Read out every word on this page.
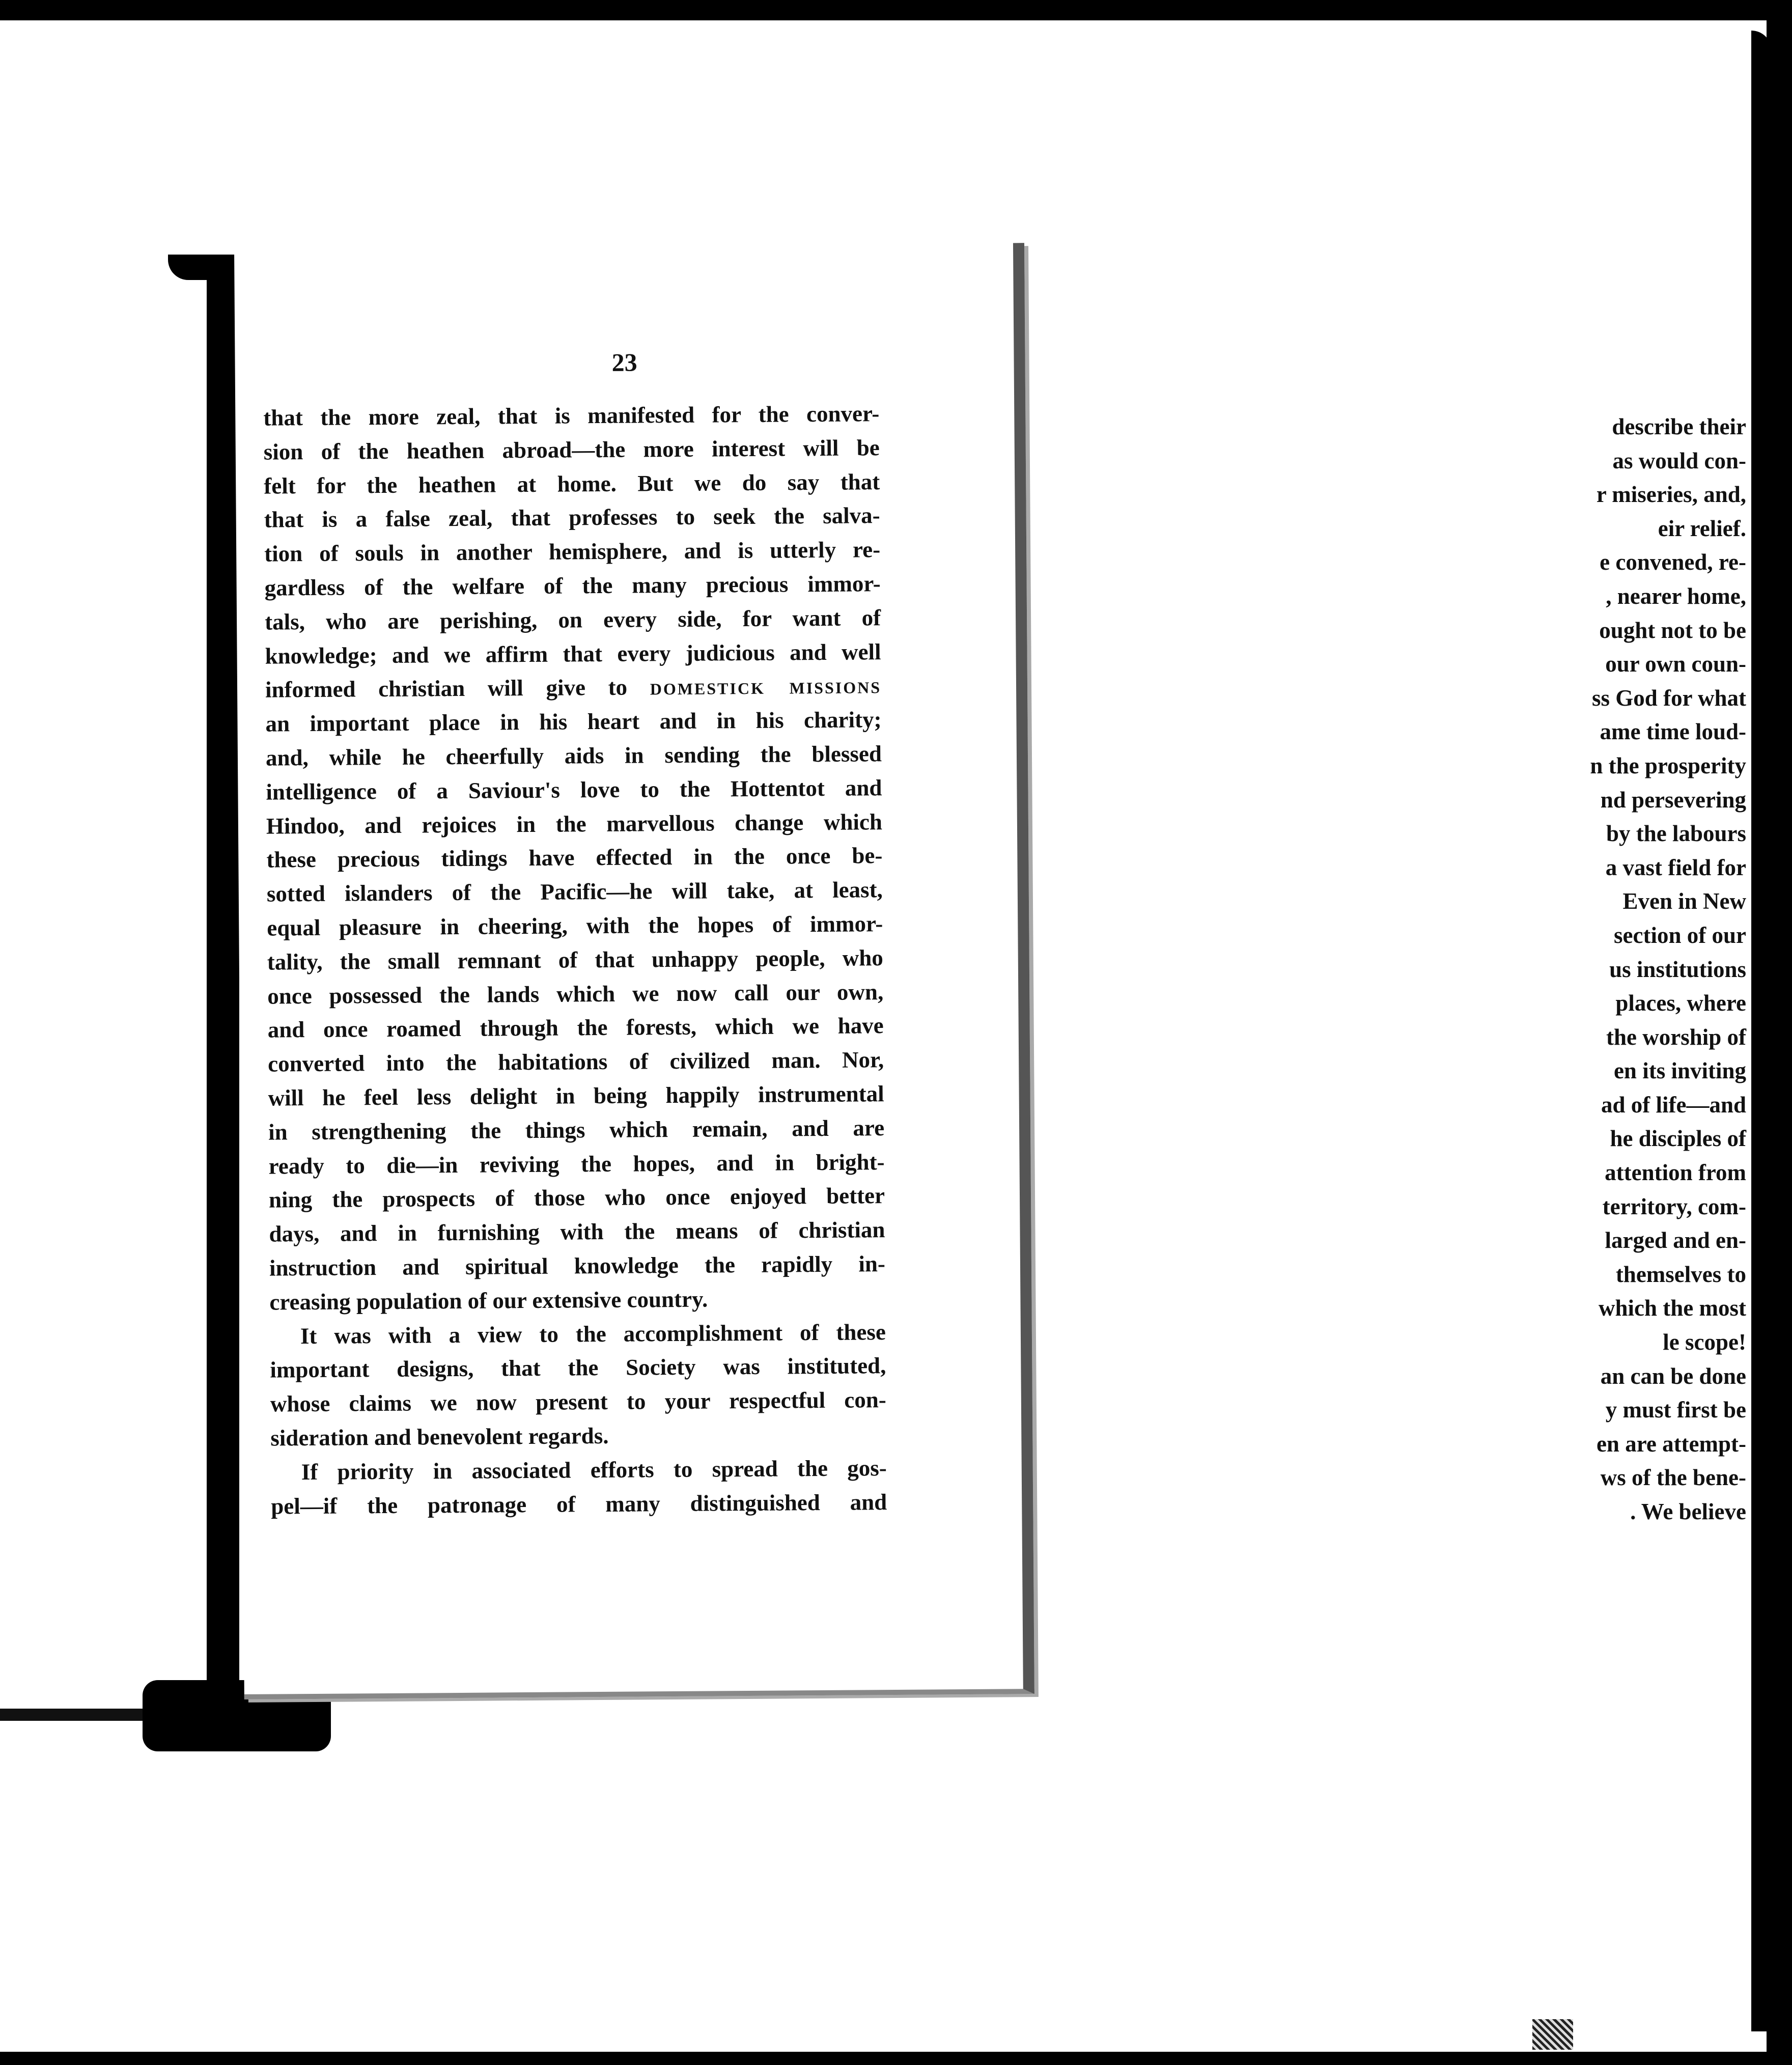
describe their
as would con-
r miseries, and,
eir relief.
e convened, re-
, nearer home,
ought not to be
our own coun-
ss God for what
ame time loud-
n the prosperity
nd persevering
by the labours
a vast field for
Even in New
section of our
us institutions
places, where
the worship of
en its inviting
ad of life—and
he disciples of
attention from
territory, com-
larged and en-
themselves to
which the most
le scope!
an can be done
y must first be
en are attempt-
ws of the bene-
. We believe
23
that the more zeal, that is manifested for the conver-
sion of the heathen abroad—the more interest will be
felt for the heathen at home. But we do say that
that is a false zeal, that professes to seek the salva-
tion of souls in another hemisphere, and is utterly re-
gardless of the welfare of the many precious immor-
tals, who are perishing, on every side, for want of
knowledge; and we affirm that every judicious and well
informed christian will give to domestick missions
an important place in his heart and in his charity;
and, while he cheerfully aids in sending the blessed
intelligence of a Saviour's love to the Hottentot and
Hindoo, and rejoices in the marvellous change which
these precious tidings have effected in the once be-
sotted islanders of the Pacific—he will take, at least,
equal pleasure in cheering, with the hopes of immor-
tality, the small remnant of that unhappy people, who
once possessed the lands which we now call our own,
and once roamed through the forests, which we have
converted into the habitations of civilized man. Nor,
will he feel less delight in being happily instrumental
in strengthening the things which remain, and are
ready to die—in reviving the hopes, and in bright-
ning the prospects of those who once enjoyed better
days, and in furnishing with the means of christian
instruction and spiritual knowledge the rapidly in-
creasing population of our extensive country.
It was with a view to the accomplishment of these
important designs, that the Society was instituted,
whose claims we now present to your respectful con-
sideration and benevolent regards.
If priority in associated efforts to spread the gos-
pel—if the patronage of many distinguished and
